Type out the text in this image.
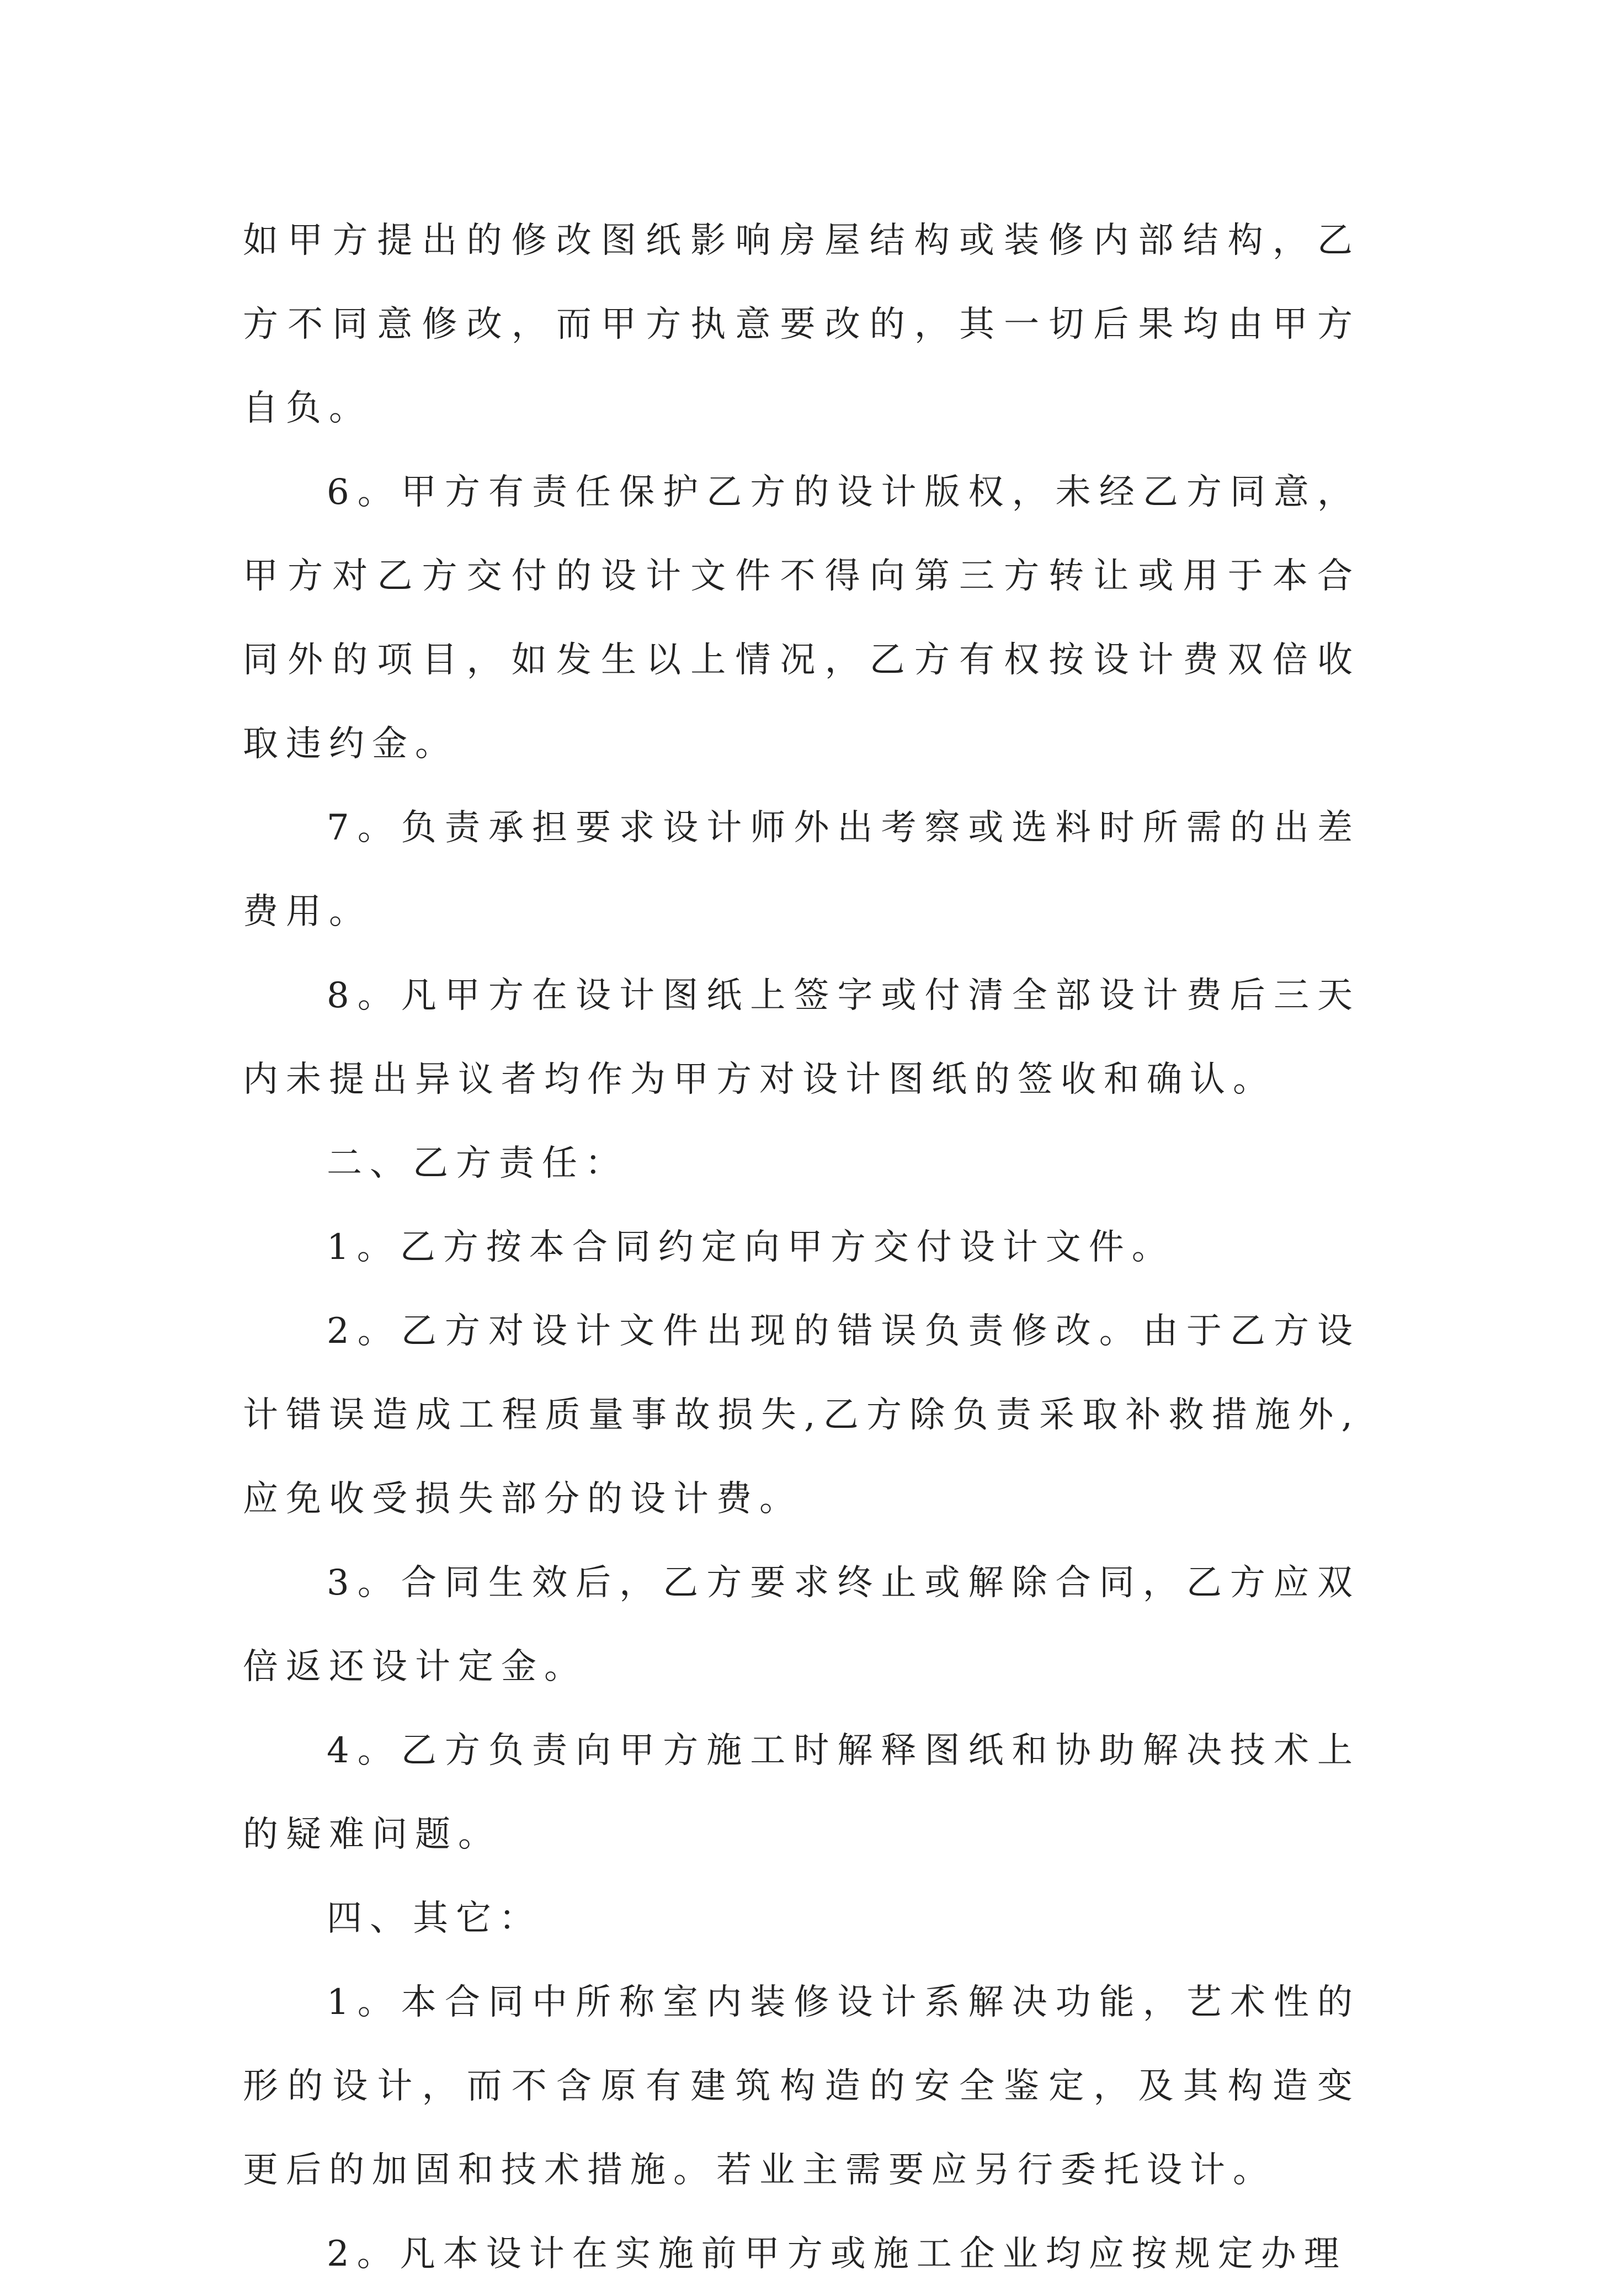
如甲方提出的修改图纸影响房屋结构或装修内部结构，乙方不同意修改，而甲方执意要改的，其一切后果均由甲方自负。

6。甲方有责任保护乙方的设计版权，未经乙方同意，甲方对乙方交付的设计文件不得向第三方转让或用于本合同外的项目，如发生以上情况，乙方有权按设计费双倍收取违约金。

7。负责承担要求设计师外出考察或选料时所需的出差费用。

8。凡甲方在设计图纸上签字或付清全部设计费后三天内未提出异议者均作为甲方对设计图纸的签收和确认。

二、乙方责任：

1。乙方按本合同约定向甲方交付设计文件。

2。乙方对设计文件出现的错误负责修改。由于乙方设计错误造成工程质量事故损失,乙方除负责采取补救措施外,应免收受损失部分的设计费。

3。合同生效后，乙方要求终止或解除合同，乙方应双倍返还设计定金。

4。乙方负责向甲方施工时解释图纸和协助解决技术上的疑难问题。

四、其它：

1。本合同中所称室内装修设计系解决功能，艺术性的形的设计，而不含原有建筑构造的安全鉴定，及其构造变更后的加固和技术措施。若业主需要应另行委托设计。

2。凡本设计在实施前甲方或施工企业均应按规定办理
